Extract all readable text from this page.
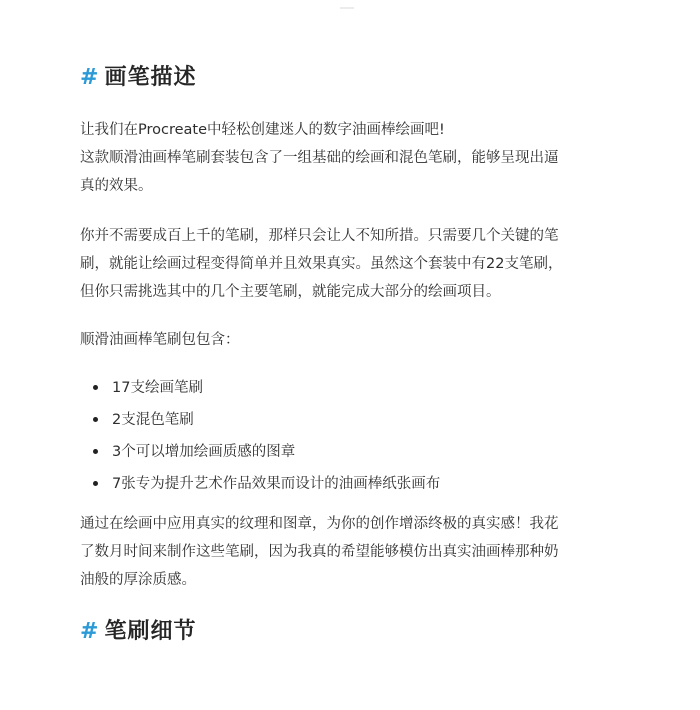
# 画笔描述

让我们在Procreate中轻松创建迷人的数字油画棒绘画吧!
这款顺滑油画棒笔刷套装包含了一组基础的绘画和混色笔刷，能够呈现出逼
真的效果。

你并不需要成百上千的笔刷，那样只会让人不知所措。只需要几个关键的笔
刷，就能让绘画过程变得简单并且效果真实。虽然这个套装中有22支笔刷，
但你只需挑选其中的几个主要笔刷，就能完成大部分的绘画项目。

顺滑油画棒笔刷包包含：

17支绘画笔刷
2支混色笔刷
3个可以增加绘画质感的图章
7张专为提升艺术作品效果而设计的油画棒纸张画布

通过在绘画中应用真实的纹理和图章，为你的创作增添终极的真实感！我花
了数月时间来制作这些笔刷，因为我真的希望能够模仿出真实油画棒那种奶
油般的厚涂质感。

# 笔刷细节
